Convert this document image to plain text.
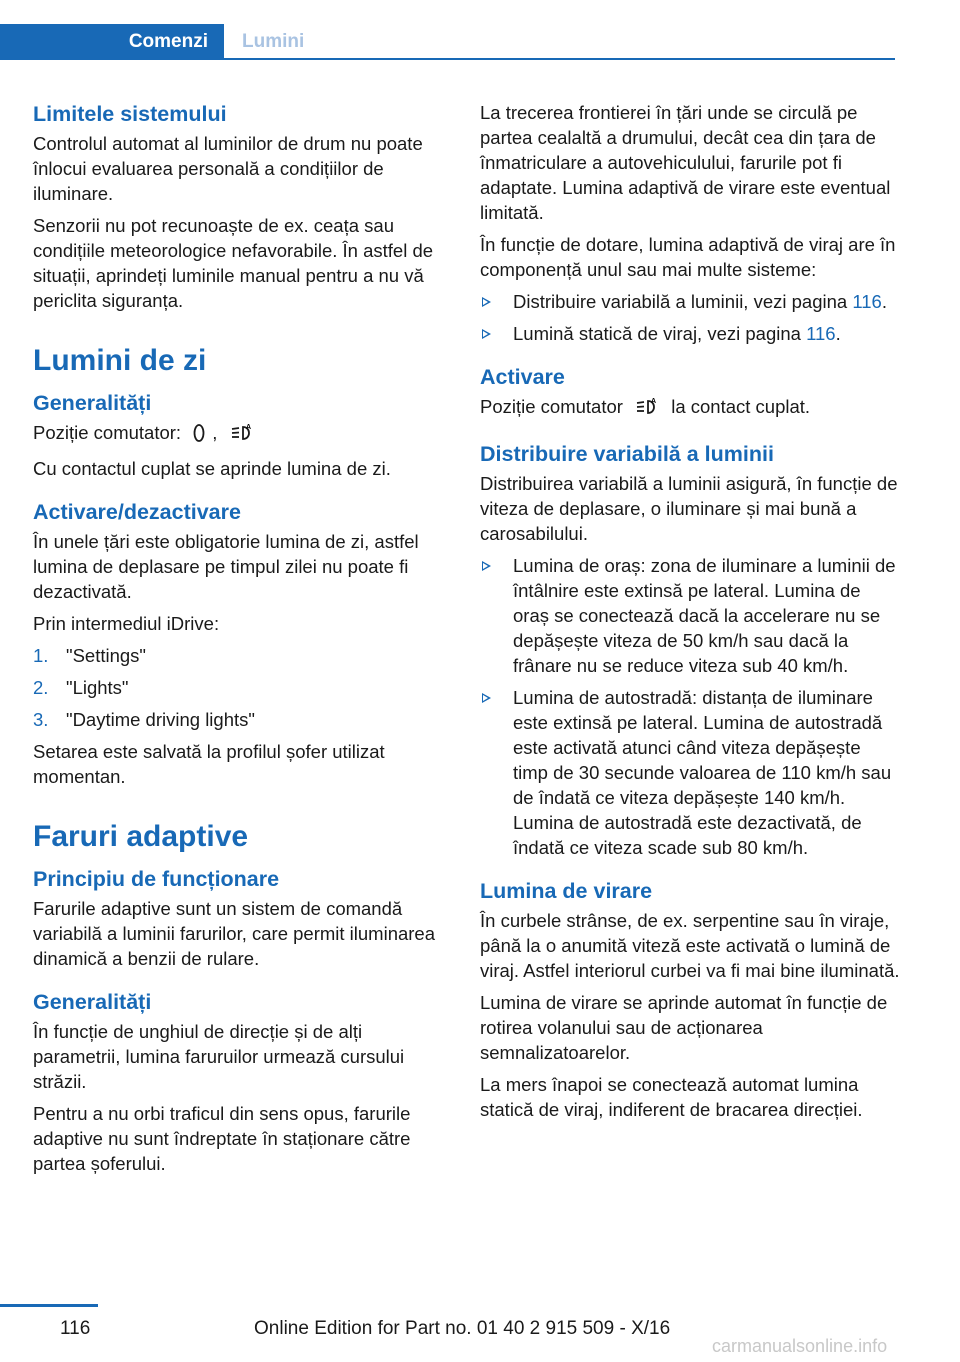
Comenzi	Lumini
Limitele sistemului

Controlul automat al luminilor de drum nu poate înlocui evaluarea personală a condițiilor de iluminare.

Senzorii nu pot recunoaște de ex. ceața sau condițiile meteorologice nefavorabile. În astfel de situații, aprindeți luminile manual pentru a nu vă periclita siguranța.

Lumini de zi
Generalități

Poziție comutator: ,	A

Cu contactul cuplat se aprinde lumina de zi.

Activare/dezactivare

În unele țări este obligatorie lumina de zi, astfel lumina de deplasare pe timpul zilei nu poate fi dezactivată.

Prin intermediul iDrive:

1. "Settings"
2. "Lights"
3. "Daytime driving lights"

Setarea este salvată la profilul șofer utilizat momentan.

Faruri adaptive
Principiu de funcționare

Farurile adaptive sunt un sistem de comandă variabilă a luminii farurilor, care permit iluminarea dinamică a benzii de rulare.

Generalități

În funcție de unghiul de direcție și de alți parametrii, lumina faruruilor urmează cursului străzii.

Pentru a nu orbi traficul din sens opus, farurile adaptive nu sunt îndreptate în staționare către partea șoferului.

La trecerea frontierei în țări unde se circulă pe partea cealaltă a drumului, decât cea din țara de înmatriculare a autovehiculului, farurile pot fi adaptate. Lumina adaptivă de virare este eventual limitată.

În funcție de dotare, lumina adaptivă de viraj are în componență unul sau mai multe sisteme:

Distribuire variabilă a luminii, vezi pagina 116.
Lumină statică de viraj, vezi pagina 116.
Activare

Poziție comutator	A la contact cuplat.

Distribuire variabilă a luminii

Distribuirea variabilă a luminii asigură, în funcție de viteza de deplasare, o iluminare și mai bună a carosabilului.

Lumina de oraș: zona de iluminare a luminii de întâlnire este extinsă pe lateral. Lumina de oraș se conectează dacă la accelerare nu se depășește viteza de 50 km/h sau dacă la frânare nu se reduce viteza sub 40 km/h.
Lumina de autostradă: distanța de iluminare este extinsă pe lateral. Lumina de autostradă este activată atunci când viteza depășește timp de 30 secunde valoarea de 110 km/h sau de îndată ce viteza depășește 140 km/h. Lumina de autostradă este dezactivată, de îndată ce viteza scade sub 80 km/h.
Lumina de virare

În curbele strânse, de ex. serpentine sau în viraje, până la o anumită viteză este activată o lumină de viraj. Astfel interiorul curbei va fi mai bine iluminată.

Lumina de virare se aprinde automat în funcție de rotirea volanului sau de acționarea semnalizatoarelor.

La mers înapoi se conectează automat lumina statică de viraj, indiferent de bracarea direcției.

116	Online Edition for Part no. 01 40 2 915 509 - X/16
carmanualsonline.info
